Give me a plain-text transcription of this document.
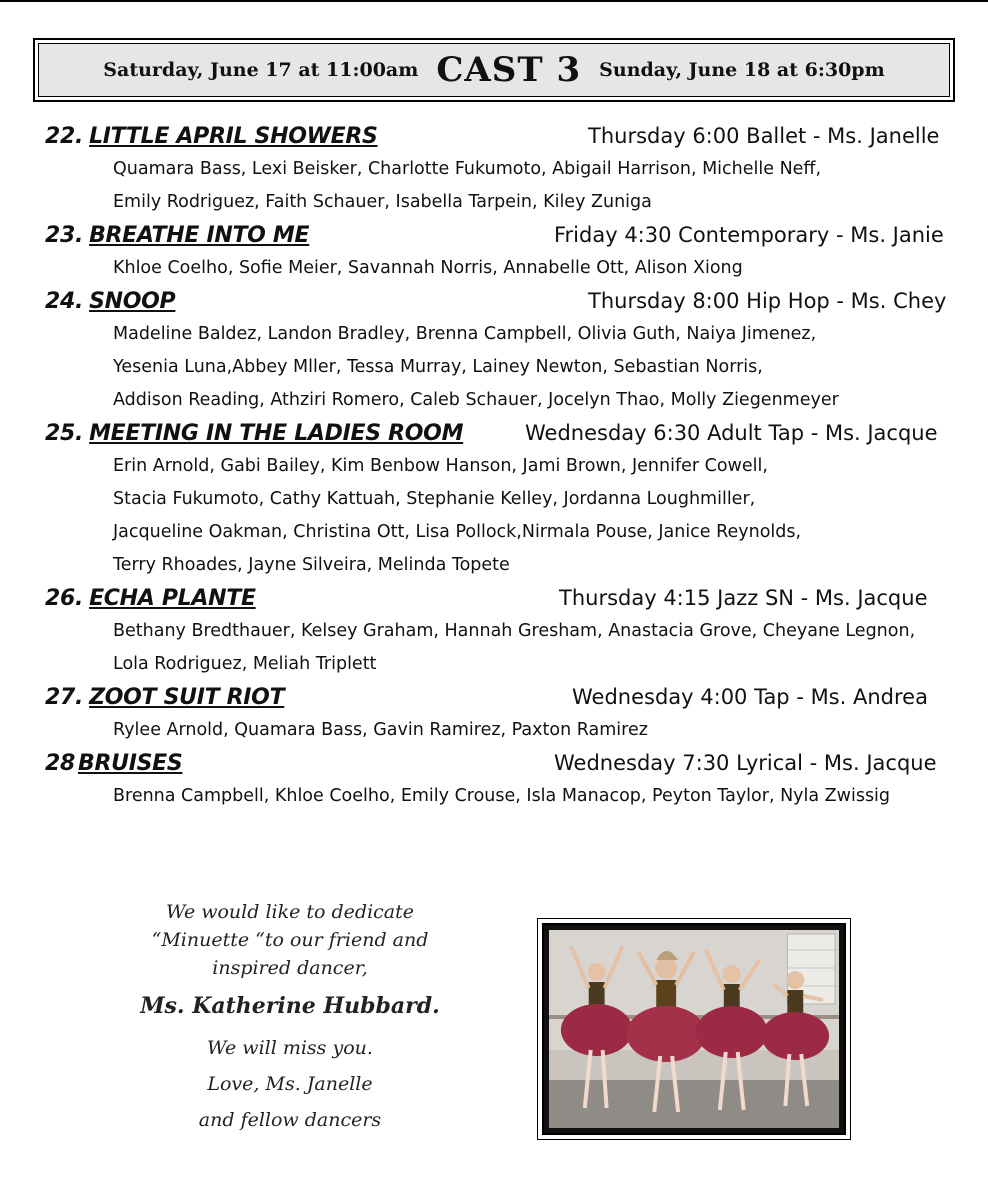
Saturday, June 17 at 11:00am CAST 3 Sunday, June 18 at 6:30pm
22. LITTLE APRIL SHOWERS	Thursday 6:00 Ballet - Ms. Janelle
Quamara Bass, Lexi Beisker, Charlotte Fukumoto, Abigail Harrison, Michelle Neff,
Emily Rodriguez, Faith Schauer, Isabella Tarpein, Kiley Zuniga
23. BREATHE INTO ME	Friday 4:30 Contemporary - Ms. Janie
Khloe Coelho, Sofie Meier, Savannah Norris, Annabelle Ott, Alison Xiong
24. SNOOP	Thursday 8:00 Hip Hop - Ms. Chey
Madeline Baldez, Landon Bradley, Brenna Campbell, Olivia Guth, Naiya Jimenez,
Yesenia Luna,Abbey Mller, Tessa Murray, Lainey Newton, Sebastian Norris,
Addison Reading, Athziri Romero, Caleb Schauer, Jocelyn Thao, Molly Ziegenmeyer
25. MEETING IN THE LADIES ROOM	Wednesday 6:30 Adult Tap - Ms. Jacque
Erin Arnold, Gabi Bailey, Kim Benbow Hanson, Jami Brown, Jennifer Cowell,
Stacia Fukumoto, Cathy Kattuah, Stephanie Kelley, Jordanna Loughmiller,
Jacqueline Oakman, Christina Ott, Lisa Pollock,Nirmala Pouse, Janice Reynolds,
Terry Rhoades, Jayne Silveira, Melinda Topete
26. ECHA PLANTE	Thursday 4:15 Jazz SN - Ms. Jacque
Bethany Bredthauer, Kelsey Graham, Hannah Gresham, Anastacia Grove, Cheyane Legnon,
Lola Rodriguez, Meliah Triplett
27. ZOOT SUIT RIOT	Wednesday 4:00 Tap - Ms. Andrea
Rylee Arnold, Quamara Bass, Gavin Ramirez, Paxton Ramirez
28 BRUISES	Wednesday 7:30 Lyrical - Ms. Jacque
Brenna Campbell, Khloe Coelho, Emily Crouse, Isla Manacop, Peyton Taylor, Nyla Zwissig
We would like to dedicate
“Minuette “to our friend and
inspired dancer,
Ms. Katherine Hubbard.
We will miss you.
Love, Ms. Janelle
and fellow dancers
